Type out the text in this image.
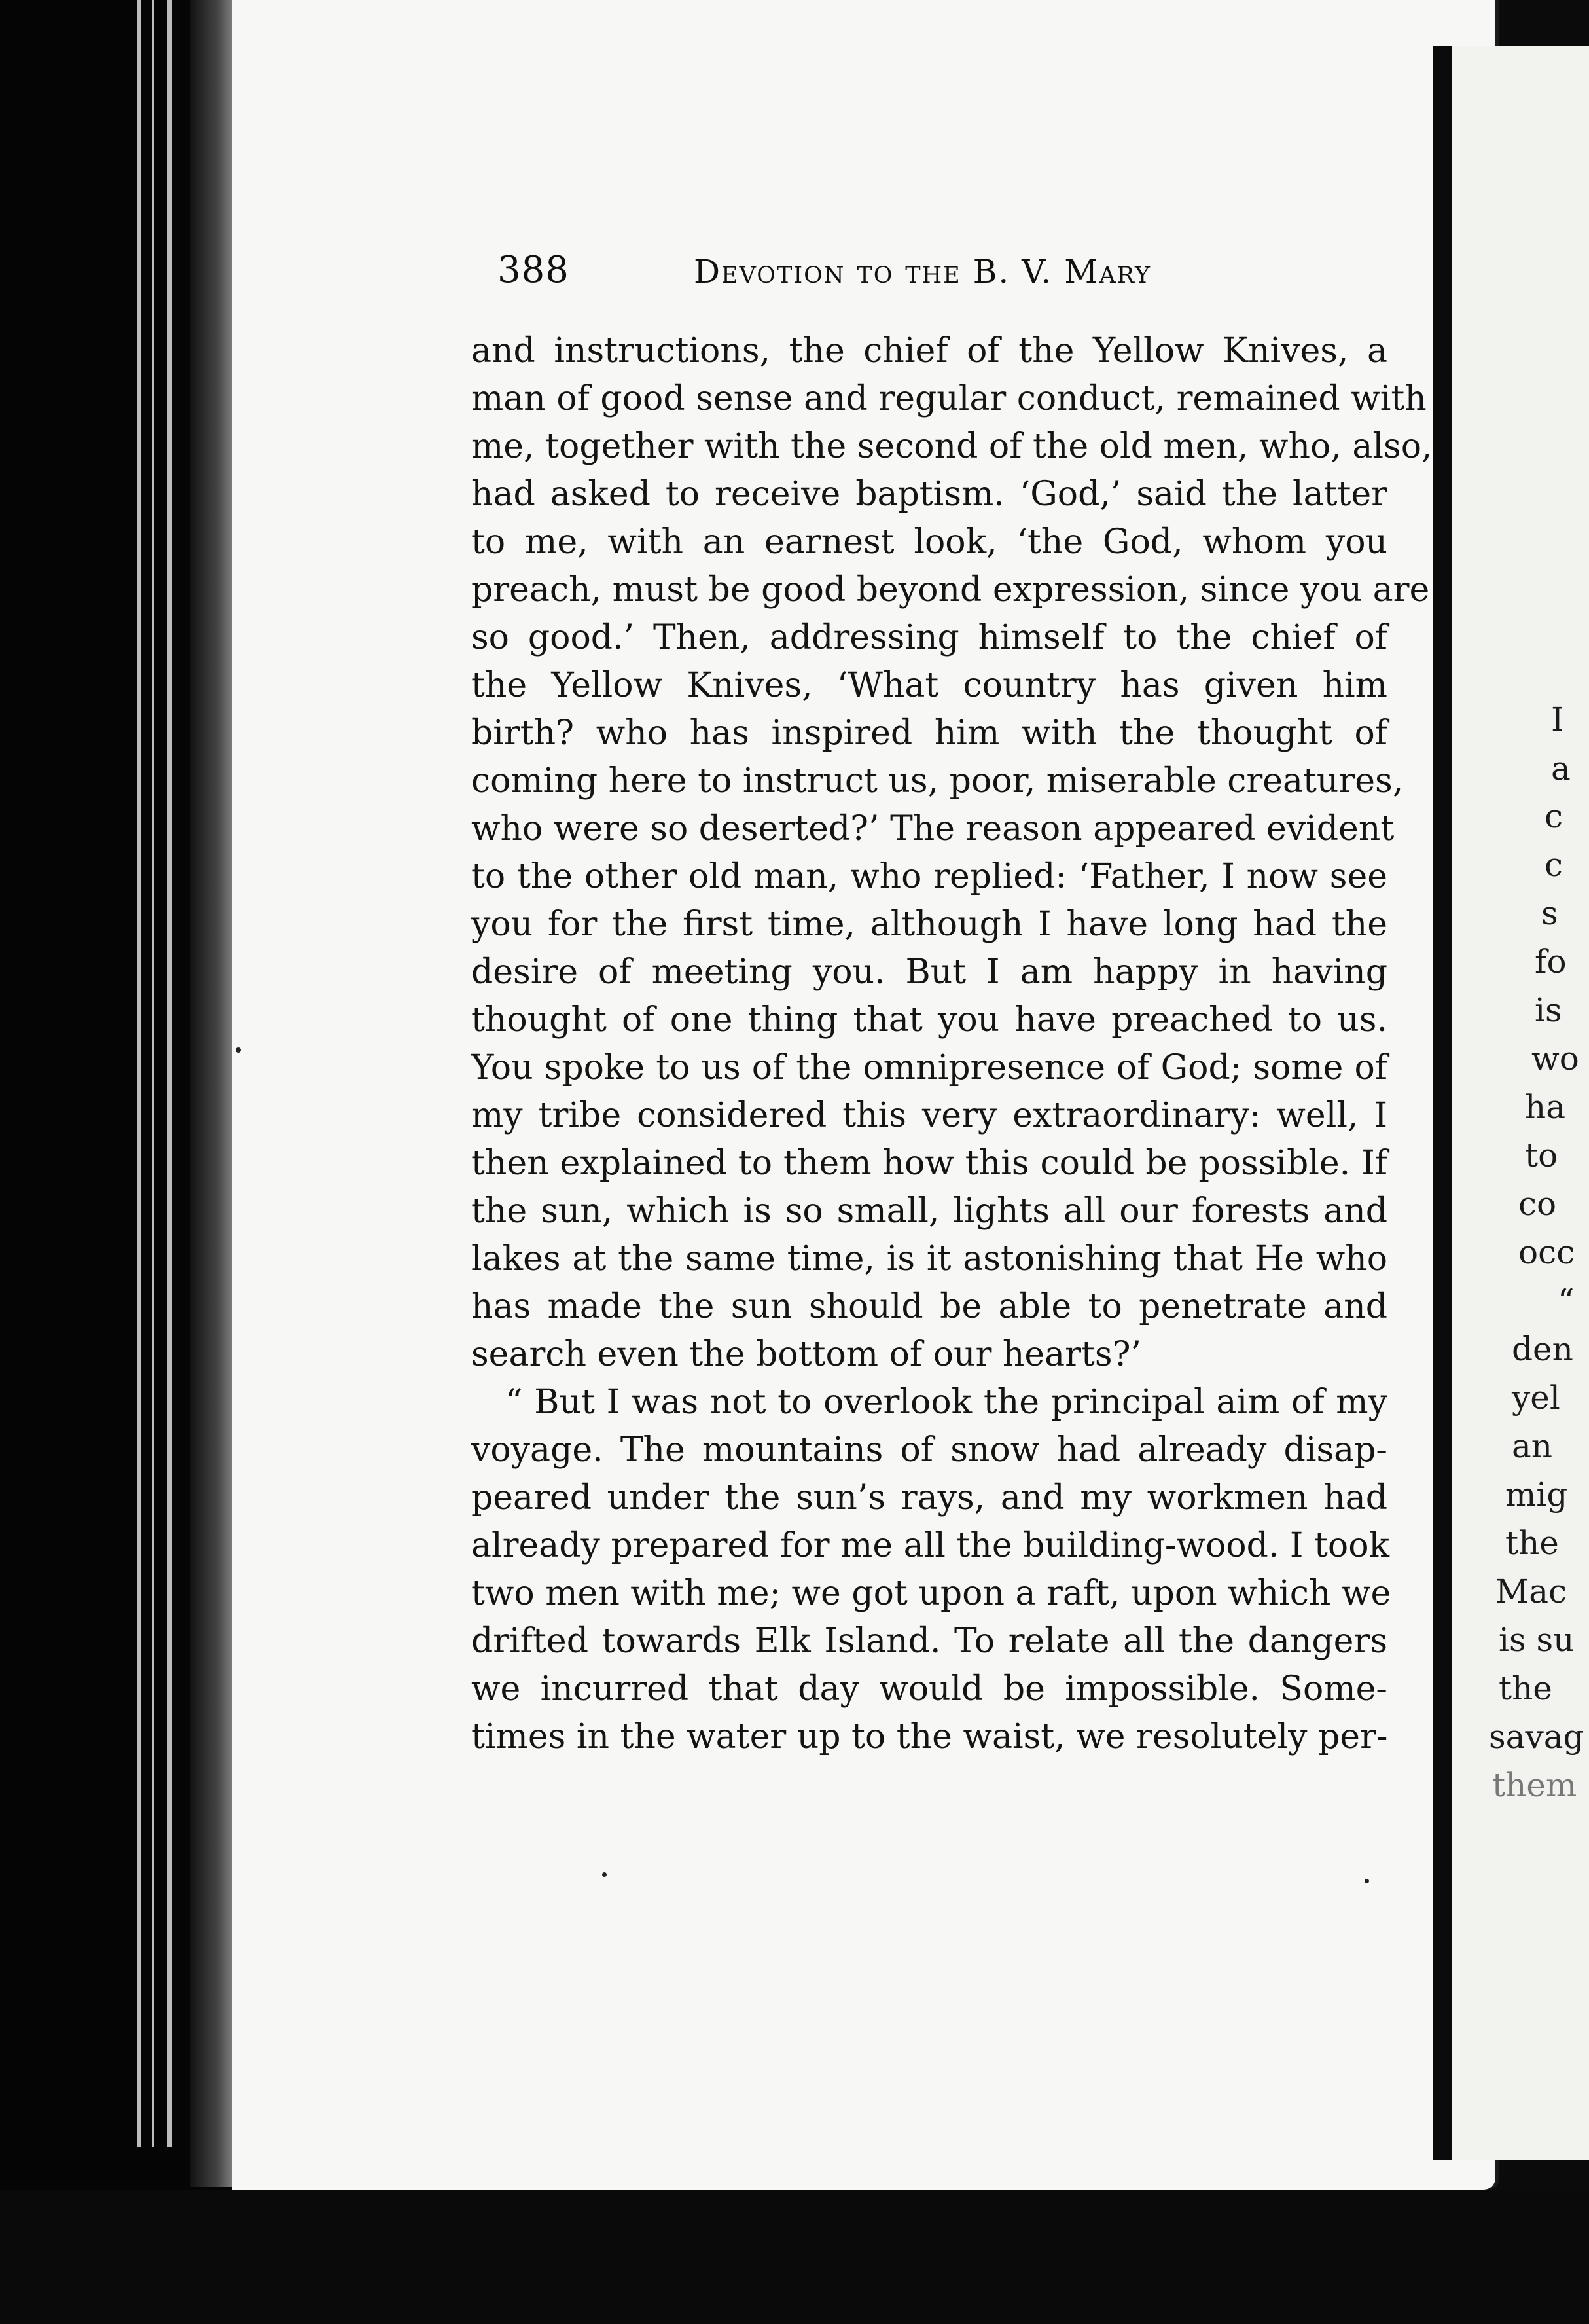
I
a
c
c
s
fo
is
wo
ha
to
co
occ
“
den
yel
an
mig
the
Mac
is su
the
savag
them
388	Devotion to the B. V. Mary
and instructions, the chief of the Yellow Knives, a
man of good sense and regular conduct, remained with
me, together with the second of the old men, who, also,
had asked to receive baptism. ‘God,’ said the latter
to me, with an earnest look, ‘the God, whom you
preach, must be good beyond expression, since you are
so good.’ Then, addressing himself to the chief of
the Yellow Knives, ‘What country has given him
birth? who has inspired him with the thought of
coming here to instruct us, poor, miserable creatures,
who were so deserted?’ The reason appeared evident
to the other old man, who replied: ‘Father, I now see
you for the first time, although I have long had the
desire of meeting you. But I am happy in having
thought of one thing that you have preached to us.
You spoke to us of the omnipresence of God; some of
my tribe considered this very extraordinary: well, I
then explained to them how this could be possible. If
the sun, which is so small, lights all our forests and
lakes at the same time, is it astonishing that He who
has made the sun should be able to penetrate and
search even the bottom of our hearts?’
“ But I was not to overlook the principal aim of my
voyage. The mountains of snow had already disap-
peared under the sun’s rays, and my workmen had
already prepared for me all the building-wood. I took
two men with me; we got upon a raft, upon which we
drifted towards Elk Island. To relate all the dangers
we incurred that day would be impossible. Some-
times in the water up to the waist, we resolutely per-
